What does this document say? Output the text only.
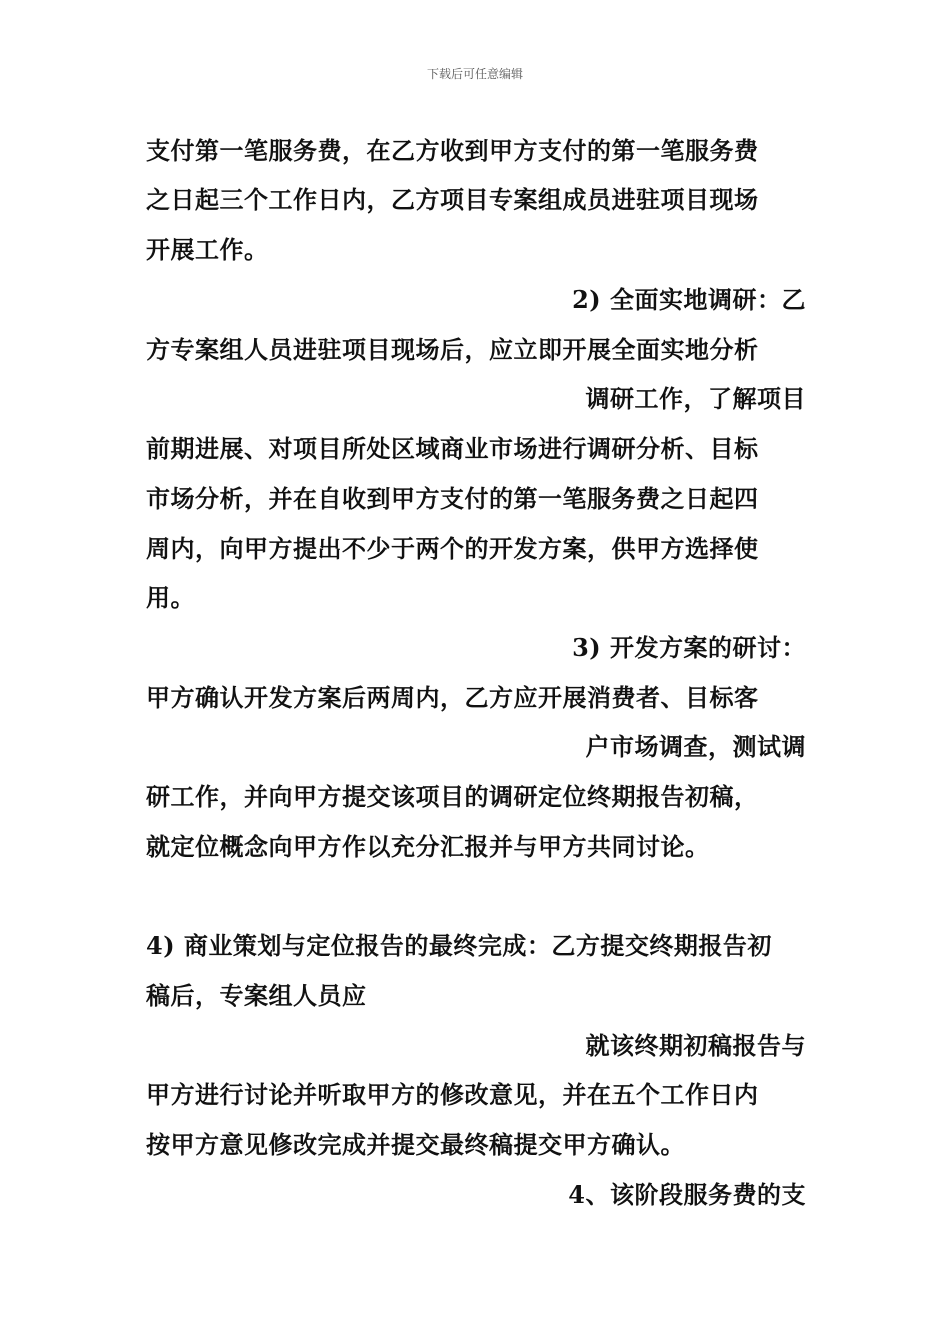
下载后可任意编辑
支付第一笔服务费，在乙方收到甲方支付的第一笔服务费
之日起三个工作日内，乙方项目专案组成员进驻项目现场
开展工作。
2) 全面实地调研：乙
方专案组人员进驻项目现场后，应立即开展全面实地分析
调研工作，了解项目
前期进展、对项目所处区域商业市场进行调研分析、目标
市场分析，并在自收到甲方支付的第一笔服务费之日起四
周内，向甲方提出不少于两个的开发方案，供甲方选择使
用。
3) 开发方案的研讨：
甲方确认开发方案后两周内，乙方应开展消费者、目标客
户市场调查，测试调
研工作，并向甲方提交该项目的调研定位终期报告初稿，
就定位概念向甲方作以充分汇报并与甲方共同讨论。
4) 商业策划与定位报告的最终完成：乙方提交终期报告初
稿后，专案组人员应
就该终期初稿报告与
甲方进行讨论并听取甲方的修改意见，并在五个工作日内
按甲方意见修改完成并提交最终稿提交甲方确认。
4、该阶段服务费的支
